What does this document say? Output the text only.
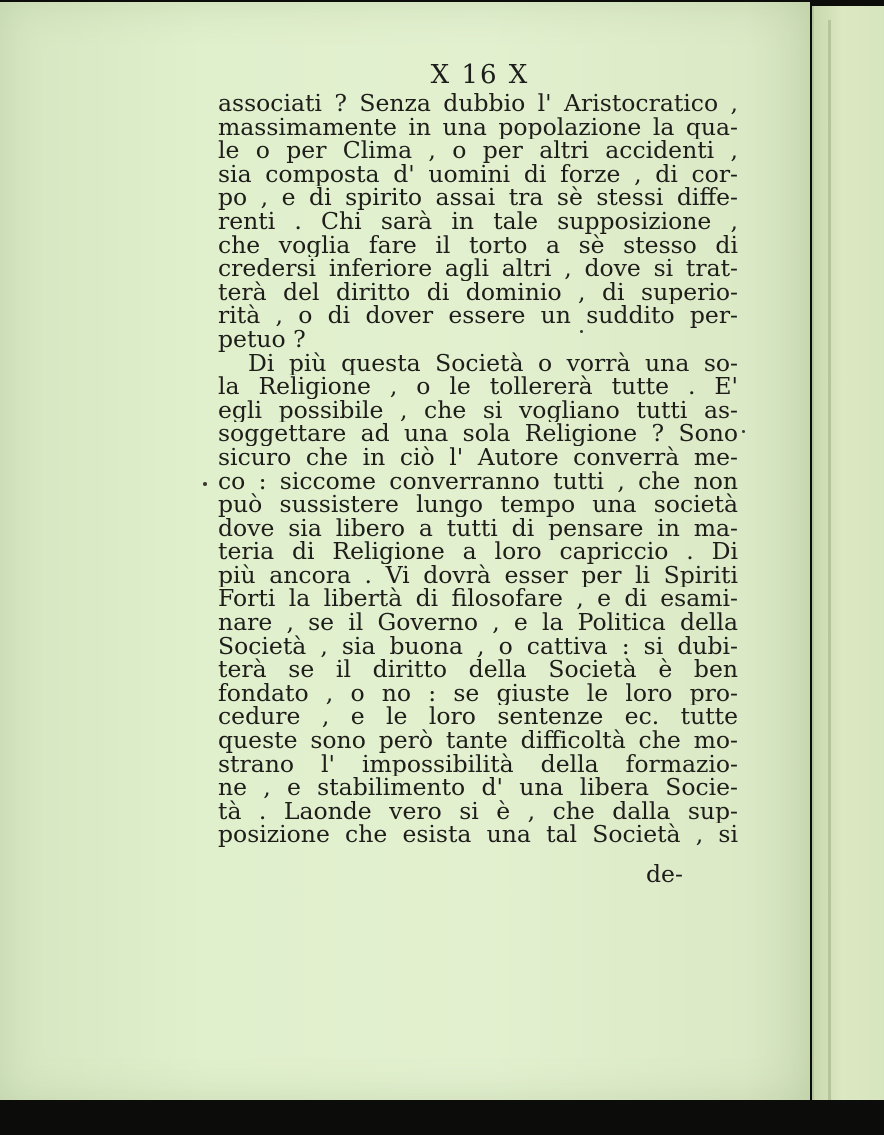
X 16 X
associati ? Senza dubbio l' Aristocratico ,
massimamente in una popolazione la qua-
le o per Clima , o per altri accidenti ,
sia composta d' uomini di forze , di cor-
po , e di spirito assai tra sè stessi diffe-
renti . Chi sarà in tale supposizione ,
che voglia fare il torto a sè stesso di
credersi inferiore agli altri , dove si trat-
terà del diritto di dominio , di superio-
rità , o di dover essere un suddito per-
petuo ?
Di più questa Società o vorrà una so-
la Religione , o le tollererà tutte . E'
egli possibile , che si vogliano tutti as-
soggettare ad una sola Religione ? Sono
sicuro che in ciò l' Autore converrà me-
co : siccome converranno tutti , che non
può sussistere lungo tempo una società
dove sia libero a tutti di pensare in ma-
teria di Religione a loro capriccio . Di
più ancora . Vi dovrà esser per li Spiriti
Forti la libertà di filosofare , e di esami-
nare , se il Governo , e la Politica della
Società , sia buona , o cattiva : si dubi-
terà se il diritto della Società è ben
fondato , o no : se giuste le loro pro-
cedure , e le loro sentenze ec. tutte
queste sono però tante difficoltà che mo-
strano l' impossibilità della formazio-
ne , e stabilimento d' una libera Socie-
tà . Laonde vero si è , che dalla sup-
posizione che esista una tal Società , si
de-
